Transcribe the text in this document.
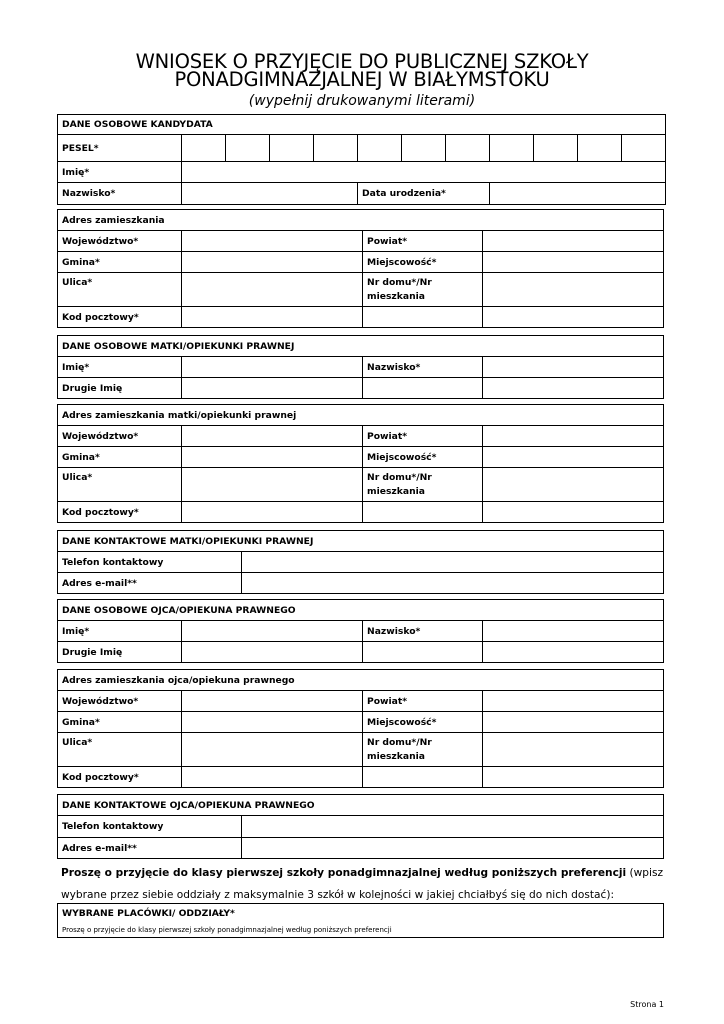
WNIOSEK O PRZYJĘCIE DO PUBLICZNEJ SZKOŁY
PONADGIMNAZJALNEJ W BIAŁYMSTOKU
(wypełnij drukowanymi literami)
DANE OSOBOWE KANDYDATA											
PESEL*											
Imię*											
Nazwisko*					Data urodzenia*						
Adres zamieszkania			
Województwo*		Powiat*	
Gmina*		Miejscowość*	
Ulica*		Nr domu*/Nr mieszkania	
Kod pocztowy*			
DANE OSOBOWE MATKI/OPIEKUNKI PRAWNEJ			
Imię*		Nazwisko*	
Drugie Imię			
Adres zamieszkania matki/opiekunki prawnej			
Województwo*		Powiat*	
Gmina*		Miejscowość*	
Ulica*		Nr domu*/Nr mieszkania	
Kod pocztowy*			
DANE KONTAKTOWE MATKI/OPIEKUNKI PRAWNEJ	
Telefon kontaktowy	
Adres e-mail**	
DANE OSOBOWE OJCA/OPIEKUNA PRAWNEGO			
Imię*		Nazwisko*	
Drugie Imię			
Adres zamieszkania ojca/opiekuna prawnego			
Województwo*		Powiat*	
Gmina*		Miejscowość*	
Ulica*		Nr domu*/Nr mieszkania	
Kod pocztowy*			
DANE KONTAKTOWE OJCA/OPIEKUNA PRAWNEGO	
Telefon kontaktowy	
Adres e-mail**	
Proszę o przyjęcie do klasy pierwszej szkoły ponadgimnazjalnej według poniższych preferencji (wpisz wybrane przez siebie oddziały z maksymalnie 3 szkół w kolejności w jakiej chciałbyś się do nich dostać):
WYBRANE PLACÓWKI/ ODDZIAŁY*
Proszę o przyjęcie do klasy pierwszej szkoły ponadgimnazjalnej według poniższych preferencji
Strona 1
